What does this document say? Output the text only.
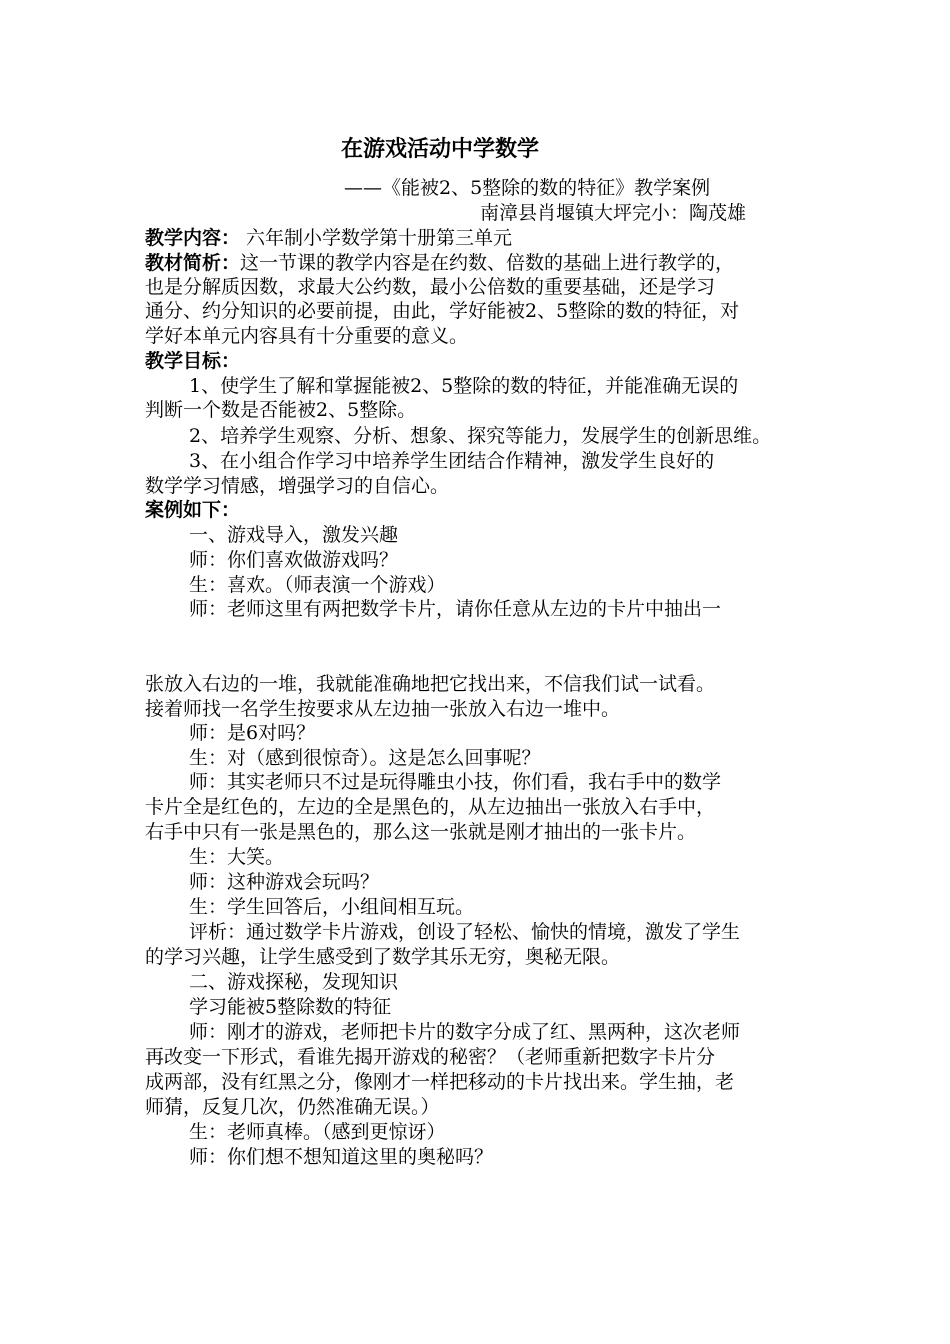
在游戏活动中学数学
——《能被2、5整除的数的特征》教学案例
南漳县肖堰镇大坪完小：陶茂雄
教学内容： 六年制小学数学第十册第三单元
教材简析：这一节课的教学内容是在约数、倍数的基础上进行教学的，
也是分解质因数，求最大公约数，最小公倍数的重要基础，还是学习
通分、约分知识的必要前提，由此，学好能被2、5整除的数的特征，对
学好本单元内容具有十分重要的意义。
教学目标：
1、使学生了解和掌握能被2、5整除的数的特征，并能准确无误的
判断一个数是否能被2、5整除。
2、培养学生观察、分析、想象、探究等能力，发展学生的创新思维。
3、在小组合作学习中培养学生团结合作精神，激发学生良好的
数学学习情感，增强学习的自信心。
案例如下：
一、游戏导入，激发兴趣
师：你们喜欢做游戏吗？
生：喜欢。（师表演一个游戏）
师：老师这里有两把数学卡片，请你任意从左边的卡片中抽出一
张放入右边的一堆，我就能准确地把它找出来，不信我们试一试看。
接着师找一名学生按要求从左边抽一张放入右边一堆中。
师：是6对吗？
生：对（感到很惊奇）。这是怎么回事呢？
师：其实老师只不过是玩得雕虫小技，你们看，我右手中的数学
卡片全是红色的，左边的全是黑色的，从左边抽出一张放入右手中，
右手中只有一张是黑色的，那么这一张就是刚才抽出的一张卡片。
生：大笑。
师：这种游戏会玩吗？
生：学生回答后，小组间相互玩。
评析：通过数学卡片游戏，创设了轻松、愉快的情境，激发了学生
的学习兴趣，让学生感受到了数学其乐无穷，奥秘无限。
二、游戏探秘，发现知识
学习能被5整除数的特征
师：刚才的游戏，老师把卡片的数字分成了红、黑两种，这次老师
再改变一下形式，看谁先揭开游戏的秘密？（老师重新把数字卡片分
成两部，没有红黑之分，像刚才一样把移动的卡片找出来。学生抽，老
师猜，反复几次，仍然准确无误。）
生：老师真棒。（感到更惊讶）
师：你们想不想知道这里的奥秘吗？
